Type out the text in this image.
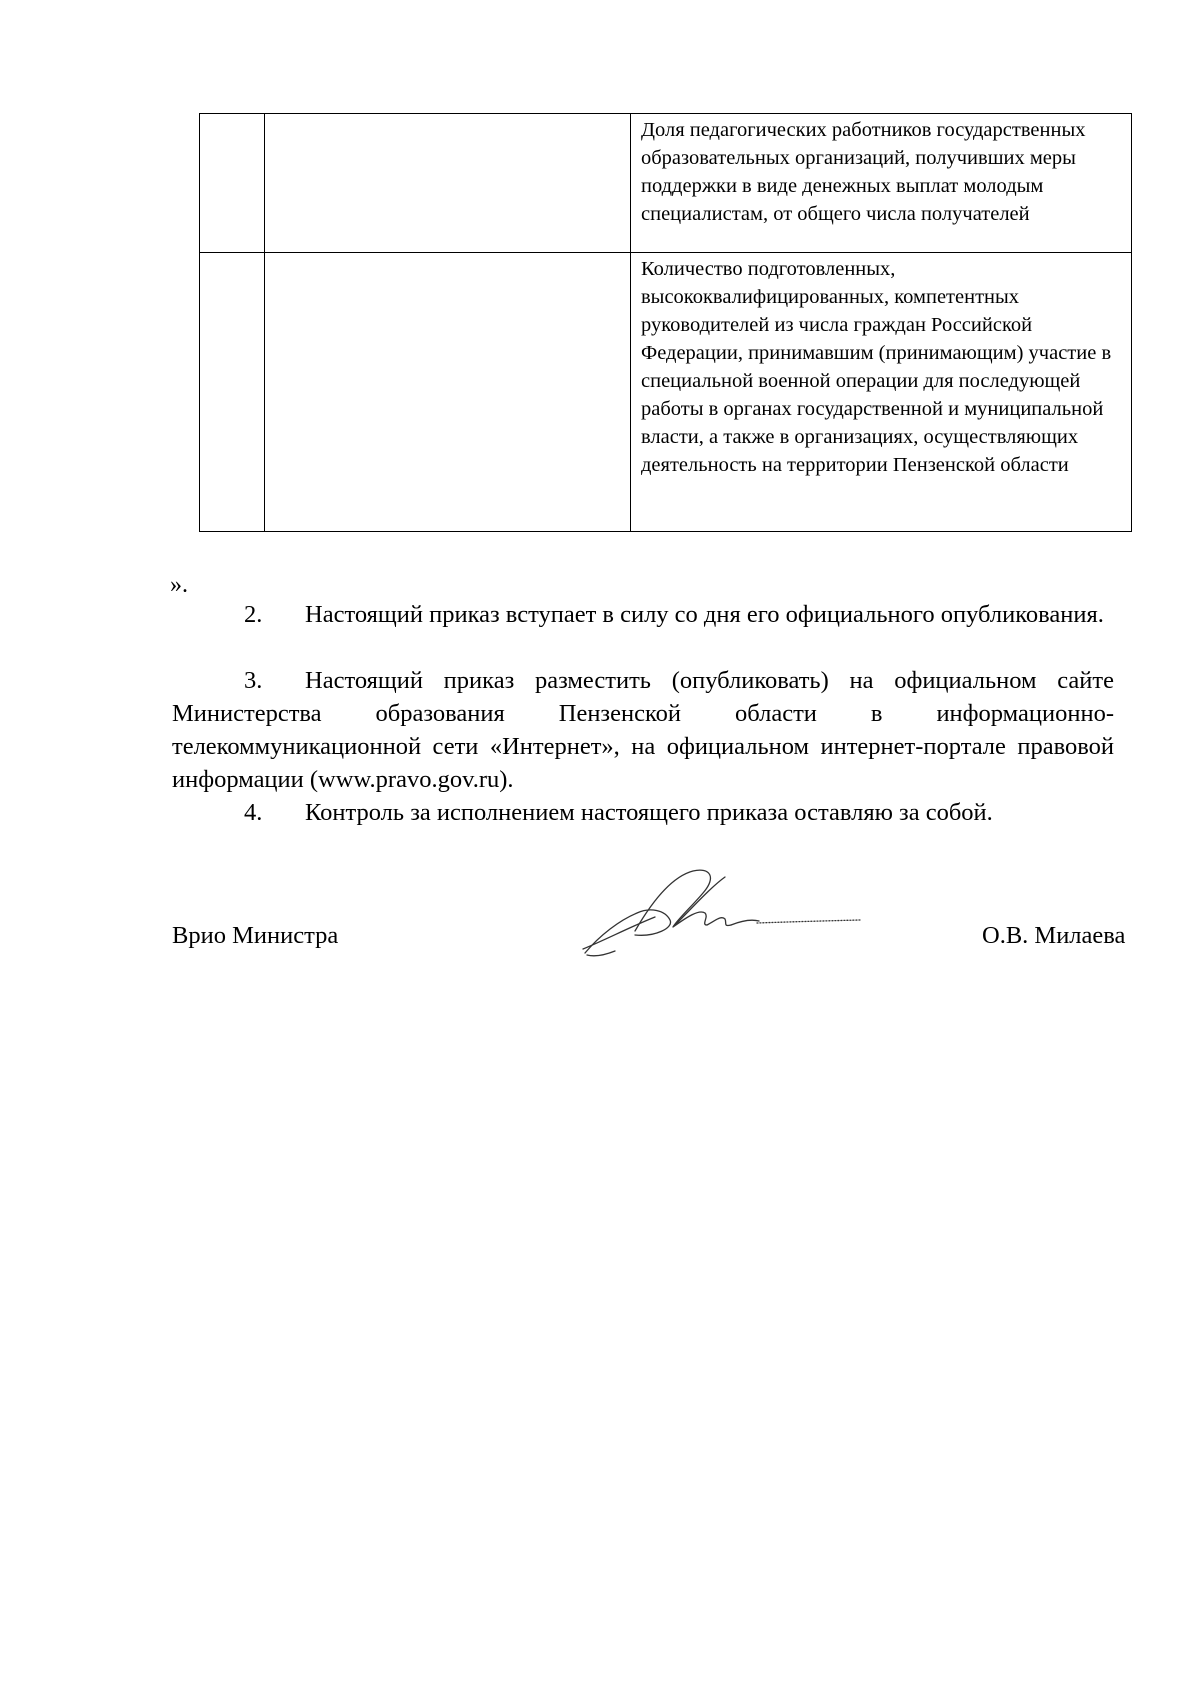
		Доля педагогических работников государственных образовательных организаций, получивших меры поддержки в виде денежных выплат молодым специалистам, от общего числа получателей
		Количество подготовленных, высококвалифицированных, компетентных руководителей из числа граждан Российской Федерации, принимавшим (принимающим) участие в специальной военной операции для последующей работы в органах государственной и муниципальной власти, а также в организациях, осуществляющих деятельность на территории Пензенской области
».
2. Настоящий приказ вступает в силу со дня его официального опубликования.
3. Настоящий приказ разместить (опубликовать) на официальном сайте Министерства образования Пензенской области в информационно-телекоммуникационной сети «Интернет», на официальном интернет-портале правовой информации (www.pravo.gov.ru).
4. Контроль за исполнением настоящего приказа оставляю за собой.
Врио Министра	О.В. Милаева
